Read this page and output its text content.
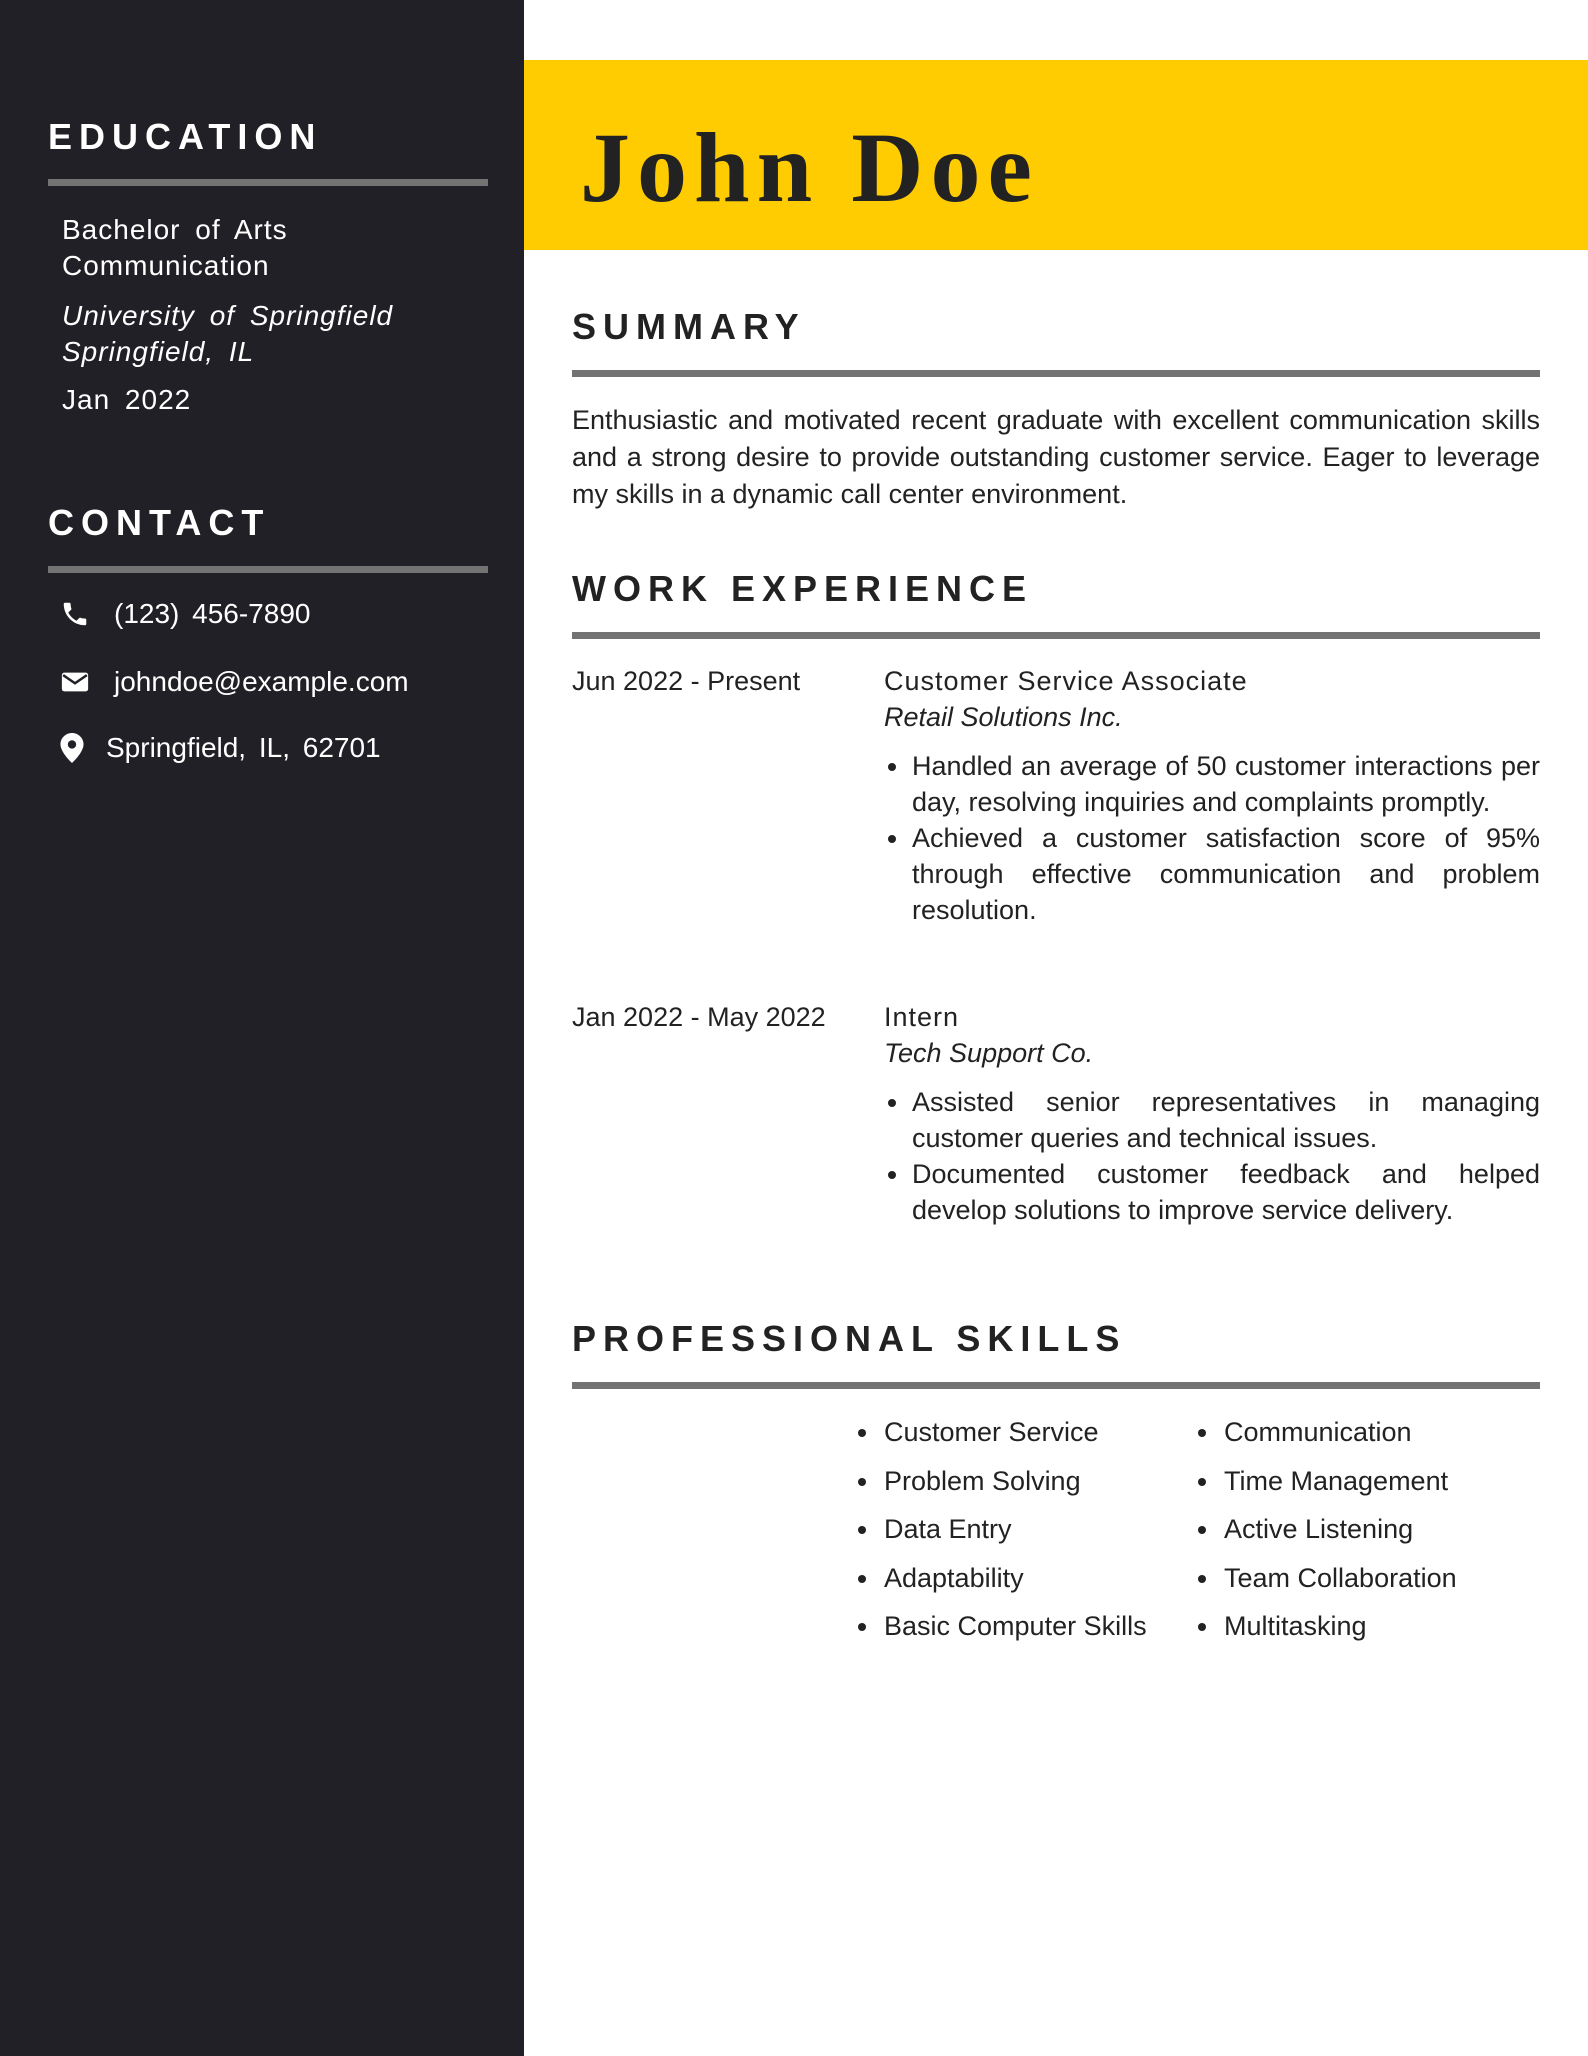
EDUCATION
Bachelor of Arts
Communication
University of Springfield
Springfield, IL
Jan 2022
CONTACT
(123) 456-7890
johndoe@example.com
Springfield, IL, 62701
John Doe
SUMMARY

Enthusiastic and motivated recent graduate with excellent communication skills and a strong desire to provide outstanding customer service. Eager to leverage my skills in a dynamic call center environment.

WORK EXPERIENCE
Jun 2022 - Present	Customer Service Associate
Retail Solutions Inc.
Handled an average of 50 customer interactions per day, resolving inquiries and complaints promptly.
Achieved a customer satisfaction score of 95% through effective communication and problem resolution.
Jan 2022 - May 2022 Intern
Tech Support Co.
Assisted senior representatives in managing customer queries and technical issues.
Documented customer feedback and helped develop solutions to improve service delivery.
PROFESSIONAL SKILLS
Customer Service
Problem Solving
Data Entry
Adaptability
Basic Computer Skills
Communication
Time Management
Active Listening
Team Collaboration
Multitasking
